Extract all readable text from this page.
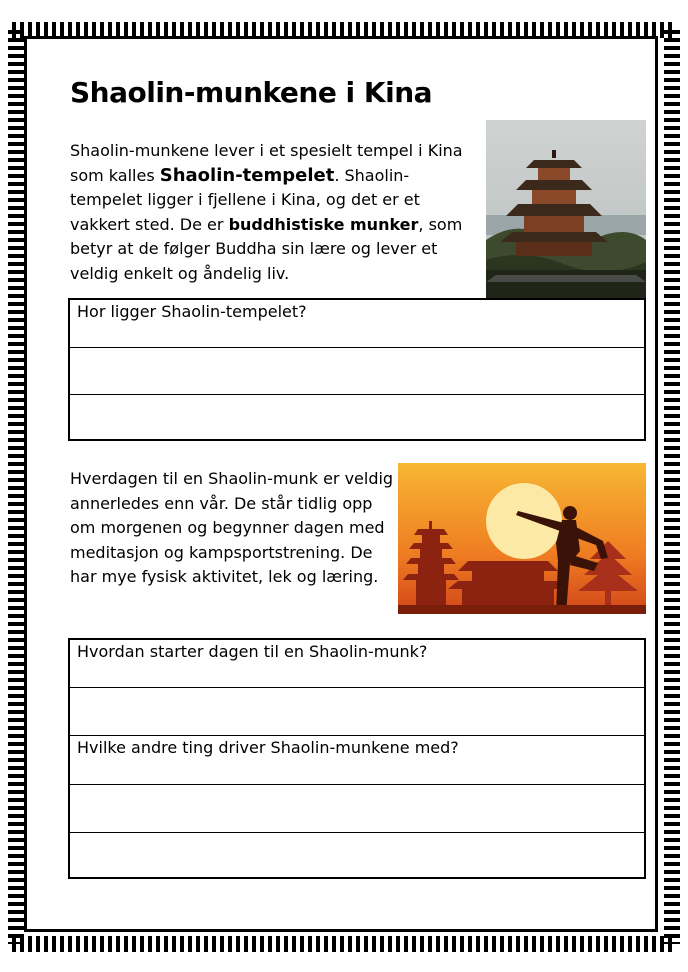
Shaolin-munkene i Kina
Shaolin-munkene lever i et spesielt tempel i Kina som kalles Shaolin-tempelet. Shaolin-tempelet ligger i fjellene i Kina, og det er et vakkert sted. De er buddhistiske munker, som betyr at de følger Buddha sin lære og lever et veldig enkelt og åndelig liv.
Hor ligger Shaolin-tempelet?
Hverdagen til en Shaolin-munk er veldig annerledes enn vår. De står tidlig opp om morgenen og begynner dagen med meditasjon og kampsportstrening. De har mye fysisk aktivitet, lek og læring.
Hvordan starter dagen til en Shaolin-munk?
Hvilke andre ting driver Shaolin-munkene med?
